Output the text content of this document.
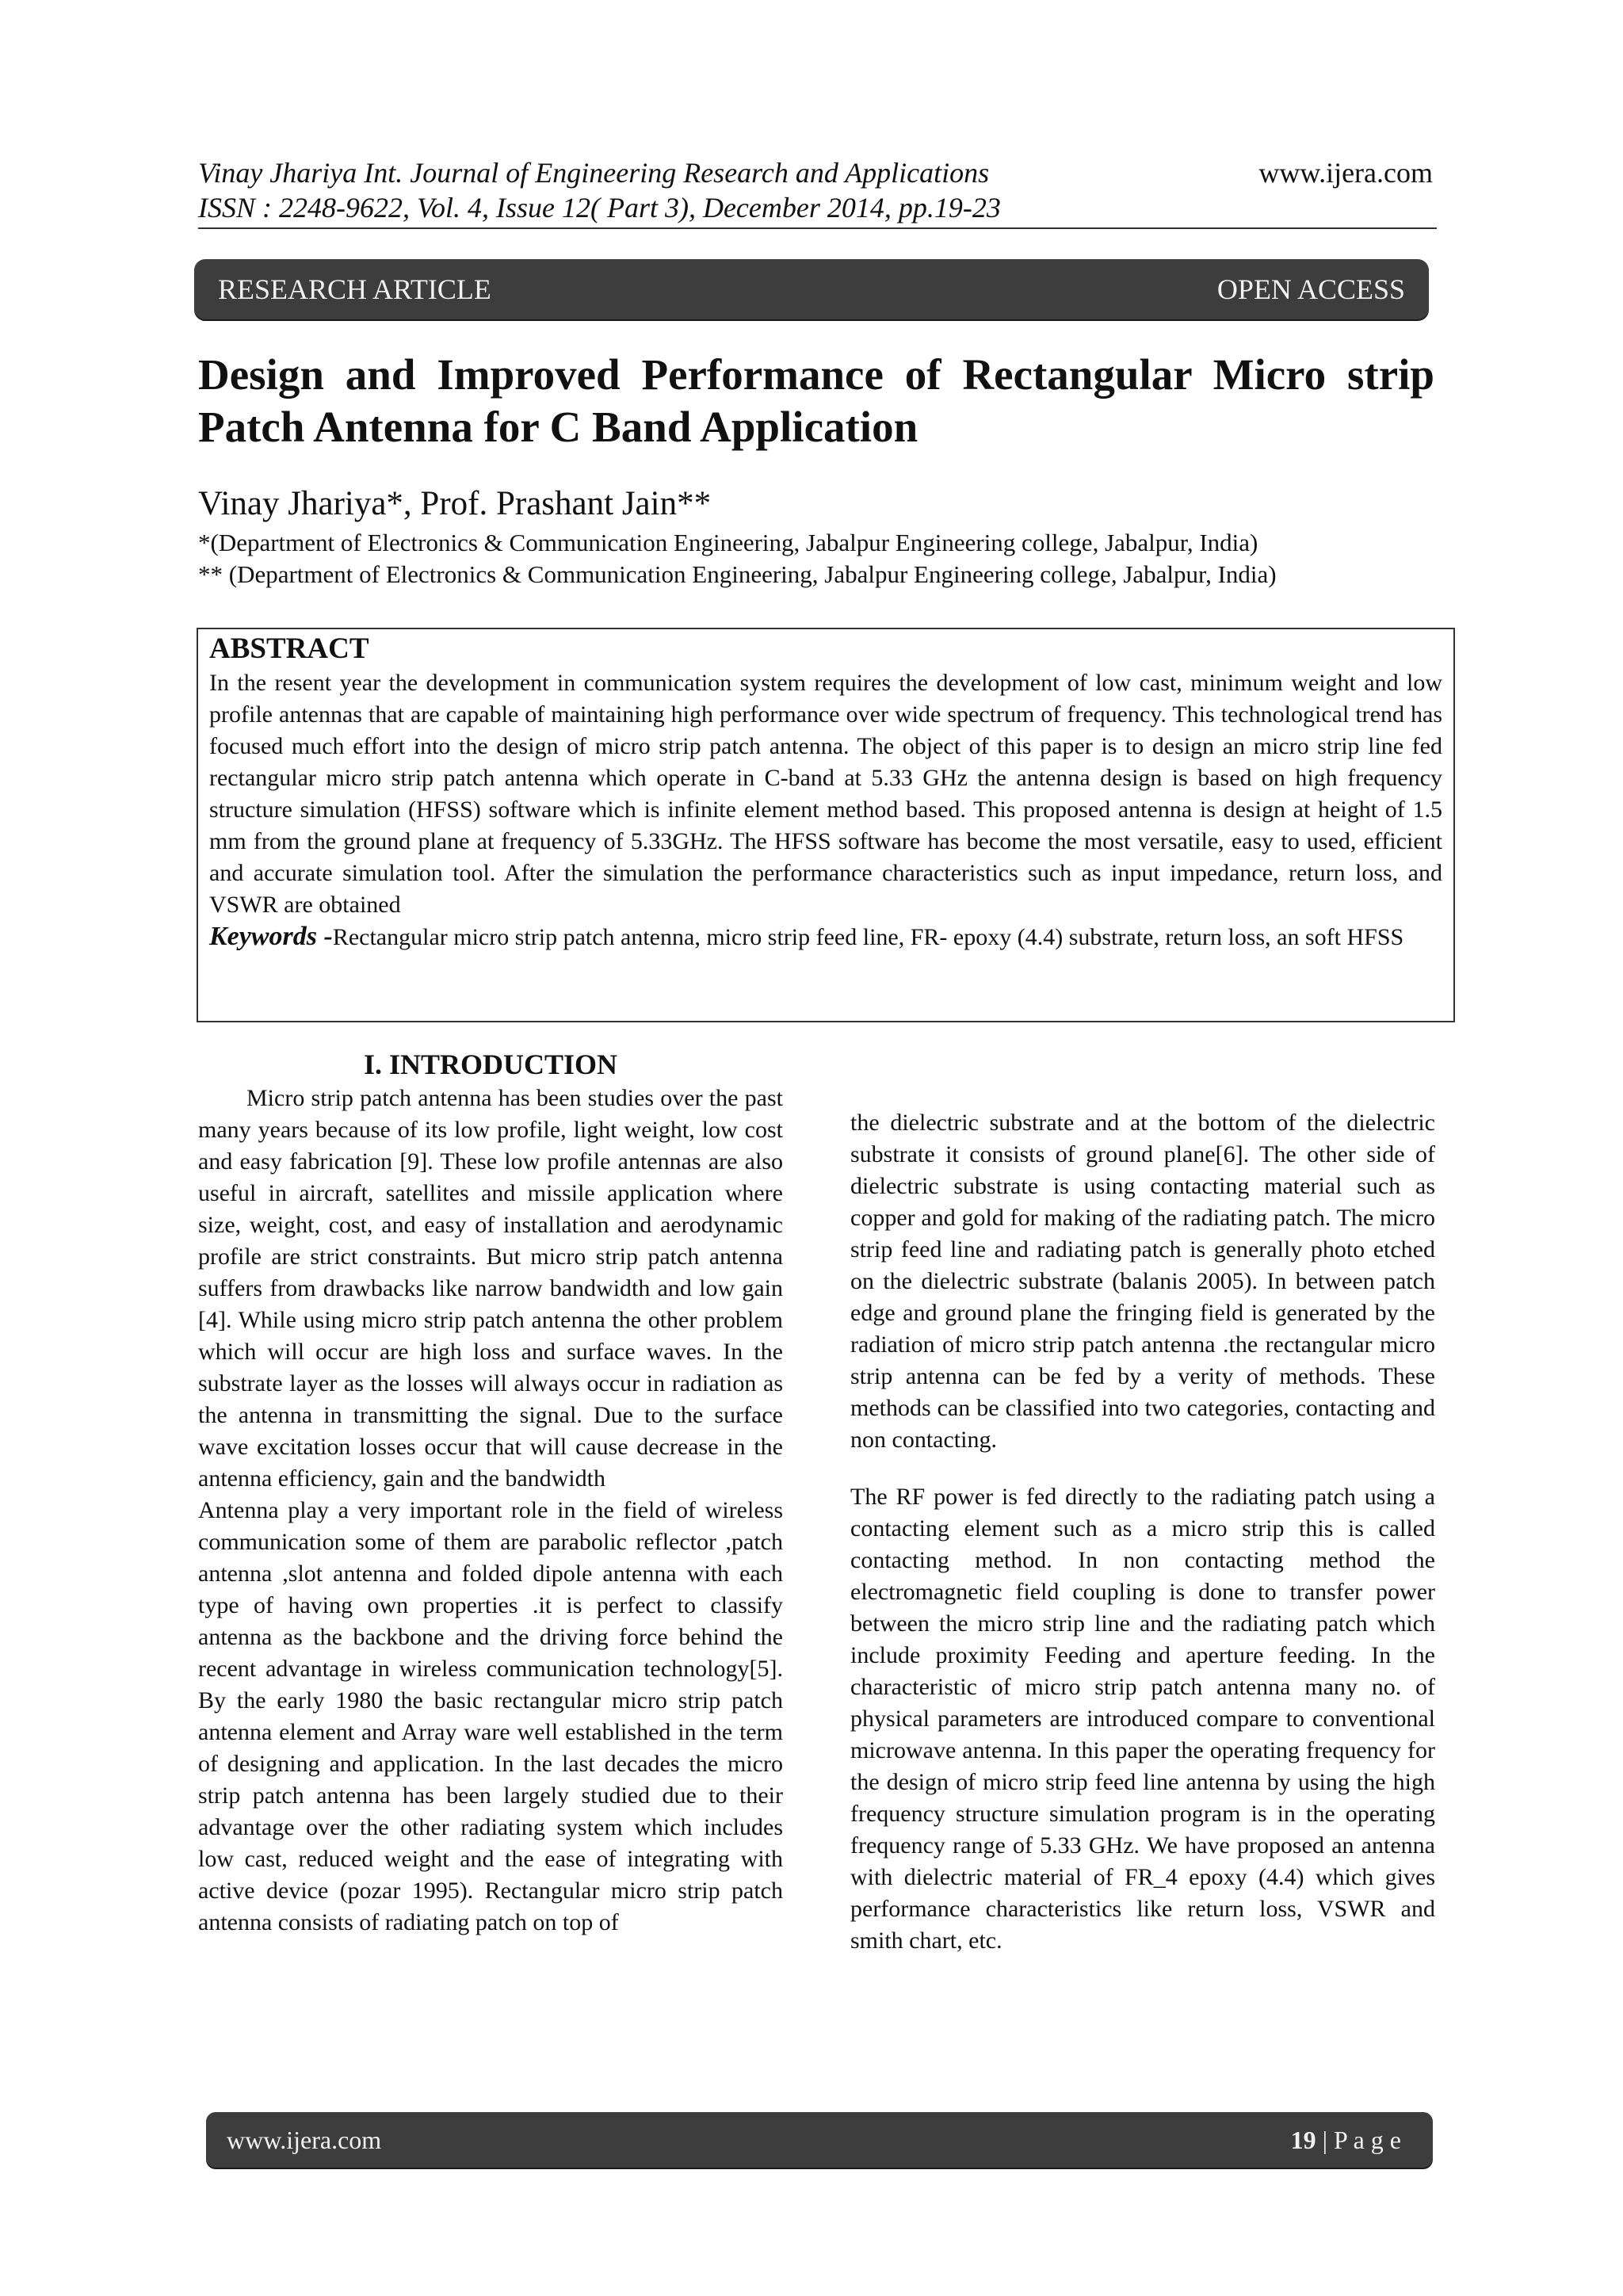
Vinay Jhariya Int. Journal of Engineering Research and Applications
ISSN : 2248-9622, Vol. 4, Issue 12( Part 3), December 2014, pp.19-23
www.ijera.com
RESEARCH ARTICLE	OPEN ACCESS
Design and Improved Performance of Rectangular Micro strip Patch Antenna for C Band Application
Vinay Jhariya*, Prof. Prashant Jain**
*(Department of Electronics & Communication Engineering, Jabalpur Engineering college, Jabalpur, India)
** (Department of Electronics & Communication Engineering, Jabalpur Engineering college, Jabalpur, India)
ABSTRACT
In the resent year the development in communication system requires the development of low cast, minimum weight and low profile antennas that are capable of maintaining high performance over wide spectrum of frequency. This technological trend has focused much effort into the design of micro strip patch antenna. The object of this paper is to design an micro strip line fed rectangular micro strip patch antenna which operate in C-band at 5.33 GHz the antenna design is based on high frequency structure simulation (HFSS) software which is infinite element method based. This proposed antenna is design at height of 1.5 mm from the ground plane at frequency of 5.33GHz. The HFSS software has become the most versatile, easy to used, efficient and accurate simulation tool. After the simulation the performance characteristics such as input impedance, return loss, and VSWR are obtained
Keywords -Rectangular micro strip patch antenna, micro strip feed line, FR- epoxy (4.4) substrate, return loss, an soft HFSS
I. INTRODUCTION

Micro strip patch antenna has been studies over the past many years because of its low profile, light weight, low cost and easy fabrication [9]. These low profile antennas are also useful in aircraft, satellites and missile application where size, weight, cost, and easy of installation and aerodynamic profile are strict constraints. But micro strip patch antenna suffers from drawbacks like narrow bandwidth and low gain [4]. While using micro strip patch antenna the other problem which will occur are high loss and surface waves. In the substrate layer as the losses will always occur in radiation as the antenna in transmitting the signal. Due to the surface wave excitation losses occur that will cause decrease in the antenna efficiency, gain and the bandwidth

Antenna play a very important role in the field of wireless communication some of them are parabolic reflector ,patch antenna ,slot antenna and folded dipole antenna with each type of having own properties .it is perfect to classify antenna as the backbone and the driving force behind the recent advantage in wireless communication technology[5]. By the early 1980 the basic rectangular micro strip patch antenna element and Array ware well established in the term of designing and application. In the last decades the micro strip patch antenna has been largely studied due to their advantage over the other radiating system which includes low cast, reduced weight and the ease of integrating with active device (pozar 1995). Rectangular micro strip patch antenna consists of radiating patch on top of

the dielectric substrate and at the bottom of the dielectric substrate it consists of ground plane[6]. The other side of dielectric substrate is using contacting material such as copper and gold for making of the radiating patch. The micro strip feed line and radiating patch is generally photo etched on the dielectric substrate (balanis 2005). In between patch edge and ground plane the fringing field is generated by the radiation of micro strip patch antenna .the rectangular micro strip antenna can be fed by a verity of methods. These methods can be classified into two categories, contacting and non contacting.

The RF power is fed directly to the radiating patch using a contacting element such as a micro strip this is called contacting method. In non contacting method the electromagnetic field coupling is done to transfer power between the micro strip line and the radiating patch which include proximity Feeding and aperture feeding. In the characteristic of micro strip patch antenna many no. of physical parameters are introduced compare to conventional microwave antenna. In this paper the operating frequency for the design of micro strip feed line antenna by using the high frequency structure simulation program is in the operating frequency range of 5.33 GHz. We have proposed an antenna with dielectric material of FR_4 epoxy (4.4) which gives performance characteristics like return loss, VSWR and smith chart, etc.

www.ijera.com	19 | P a g e
